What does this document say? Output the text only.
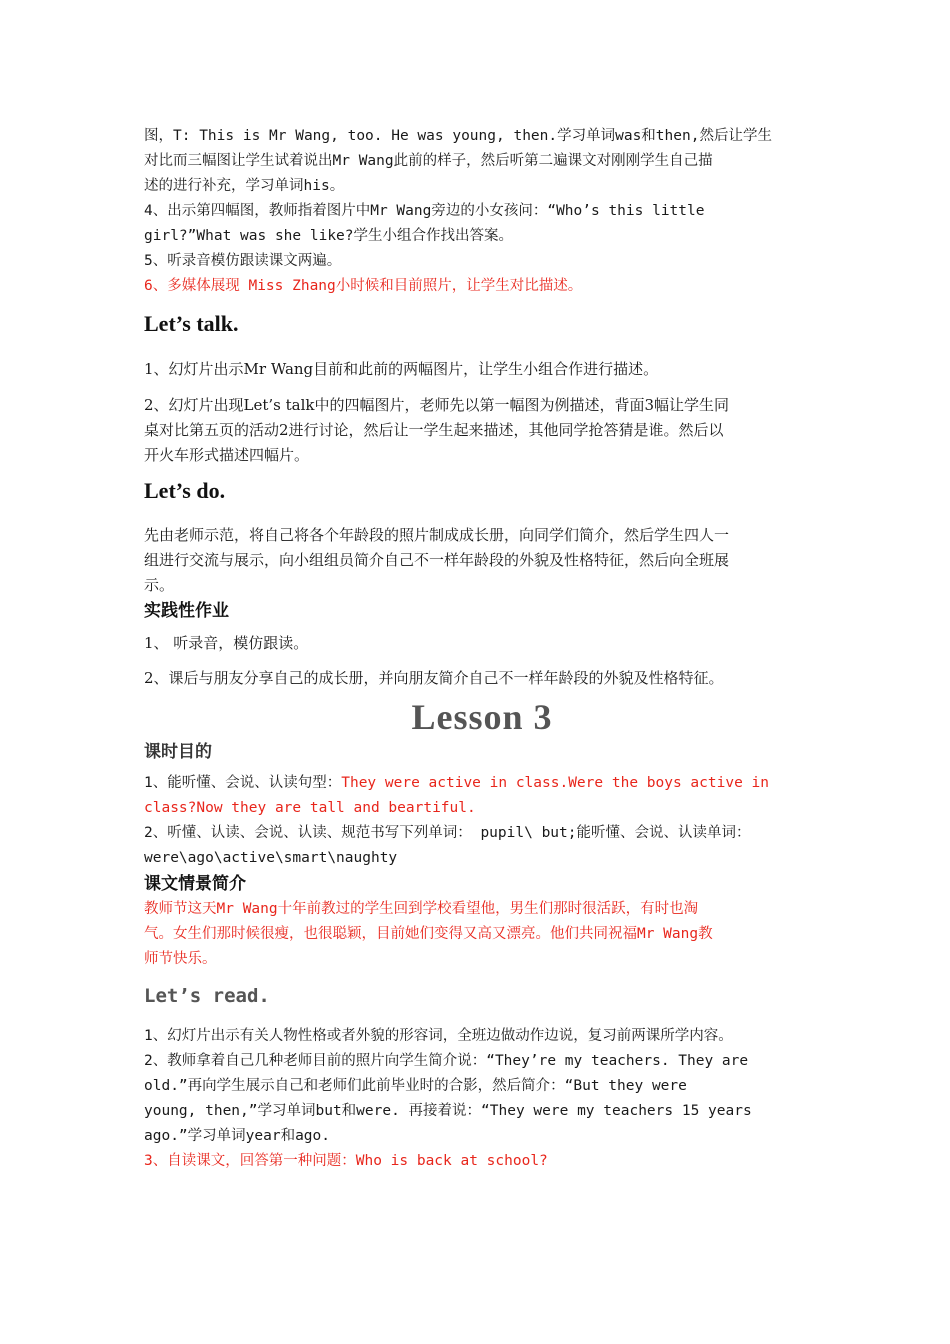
图，T: This is Mr Wang, too. He was young, then.学习单词was和then,然后让学生

对比而三幅图让学生试着说出Mr Wang此前的样子，然后听第二遍课文对刚刚学生自己描

述的进行补充，学习单词his。

4、出示第四幅图，教师指着图片中Mr Wang旁边的小女孩问：“Who’s this little

girl?”What was she like?学生小组合作找出答案。

5、听录音模仿跟读课文两遍。

6、多媒体展现 Miss Zhang小时候和目前照片，让学生对比描述。

Let’s talk.

1、幻灯片出示Mr Wang目前和此前的两幅图片，让学生小组合作进行描述。

2、幻灯片出现Let’s talk中的四幅图片，老师先以第一幅图为例描述，背面3幅让学生同

桌对比第五页的活动2进行讨论，然后让一学生起来描述，其他同学抢答猜是谁。然后以

开火车形式描述四幅片。

Let’s do.

先由老师示范，将自己将各个年龄段的照片制成成长册，向同学们简介，然后学生四人一

组进行交流与展示，向小组组员简介自己不一样年龄段的外貌及性格特征，然后向全班展

示。

实践性作业

1、 听录音，模仿跟读。

2、课后与朋友分享自己的成长册，并向朋友简介自己不一样年龄段的外貌及性格特征。

Lesson 3
课时目的

1、能听懂、会说、认读句型：They were active in class.Were the boys active in

class?Now they are tall and beartiful.

2、听懂、认读、会说、认读、规范书写下列单词： pupil\ but;能听懂、会说、认读单词：

were\ago\active\smart\naughty

课文情景简介

教师节这天Mr Wang十年前教过的学生回到学校看望他，男生们那时很活跃，有时也淘

气。女生们那时候很瘦，也很聪颖，目前她们变得又高又漂亮。他们共同祝福Mr Wang教

师节快乐。

Let’s read.

1、幻灯片出示有关人物性格或者外貌的形容词，全班边做动作边说，复习前两课所学内容。

2、教师拿着自己几种老师目前的照片向学生简介说：“They’re my teachers. They are

old.”再向学生展示自己和老师们此前毕业时的合影，然后简介：“But they were

young, then,”学习单词but和were. 再接着说：“They were my teachers 15 years

ago.”学习单词year和ago.

3、自读课文，回答第一种问题：Who is back at school?
